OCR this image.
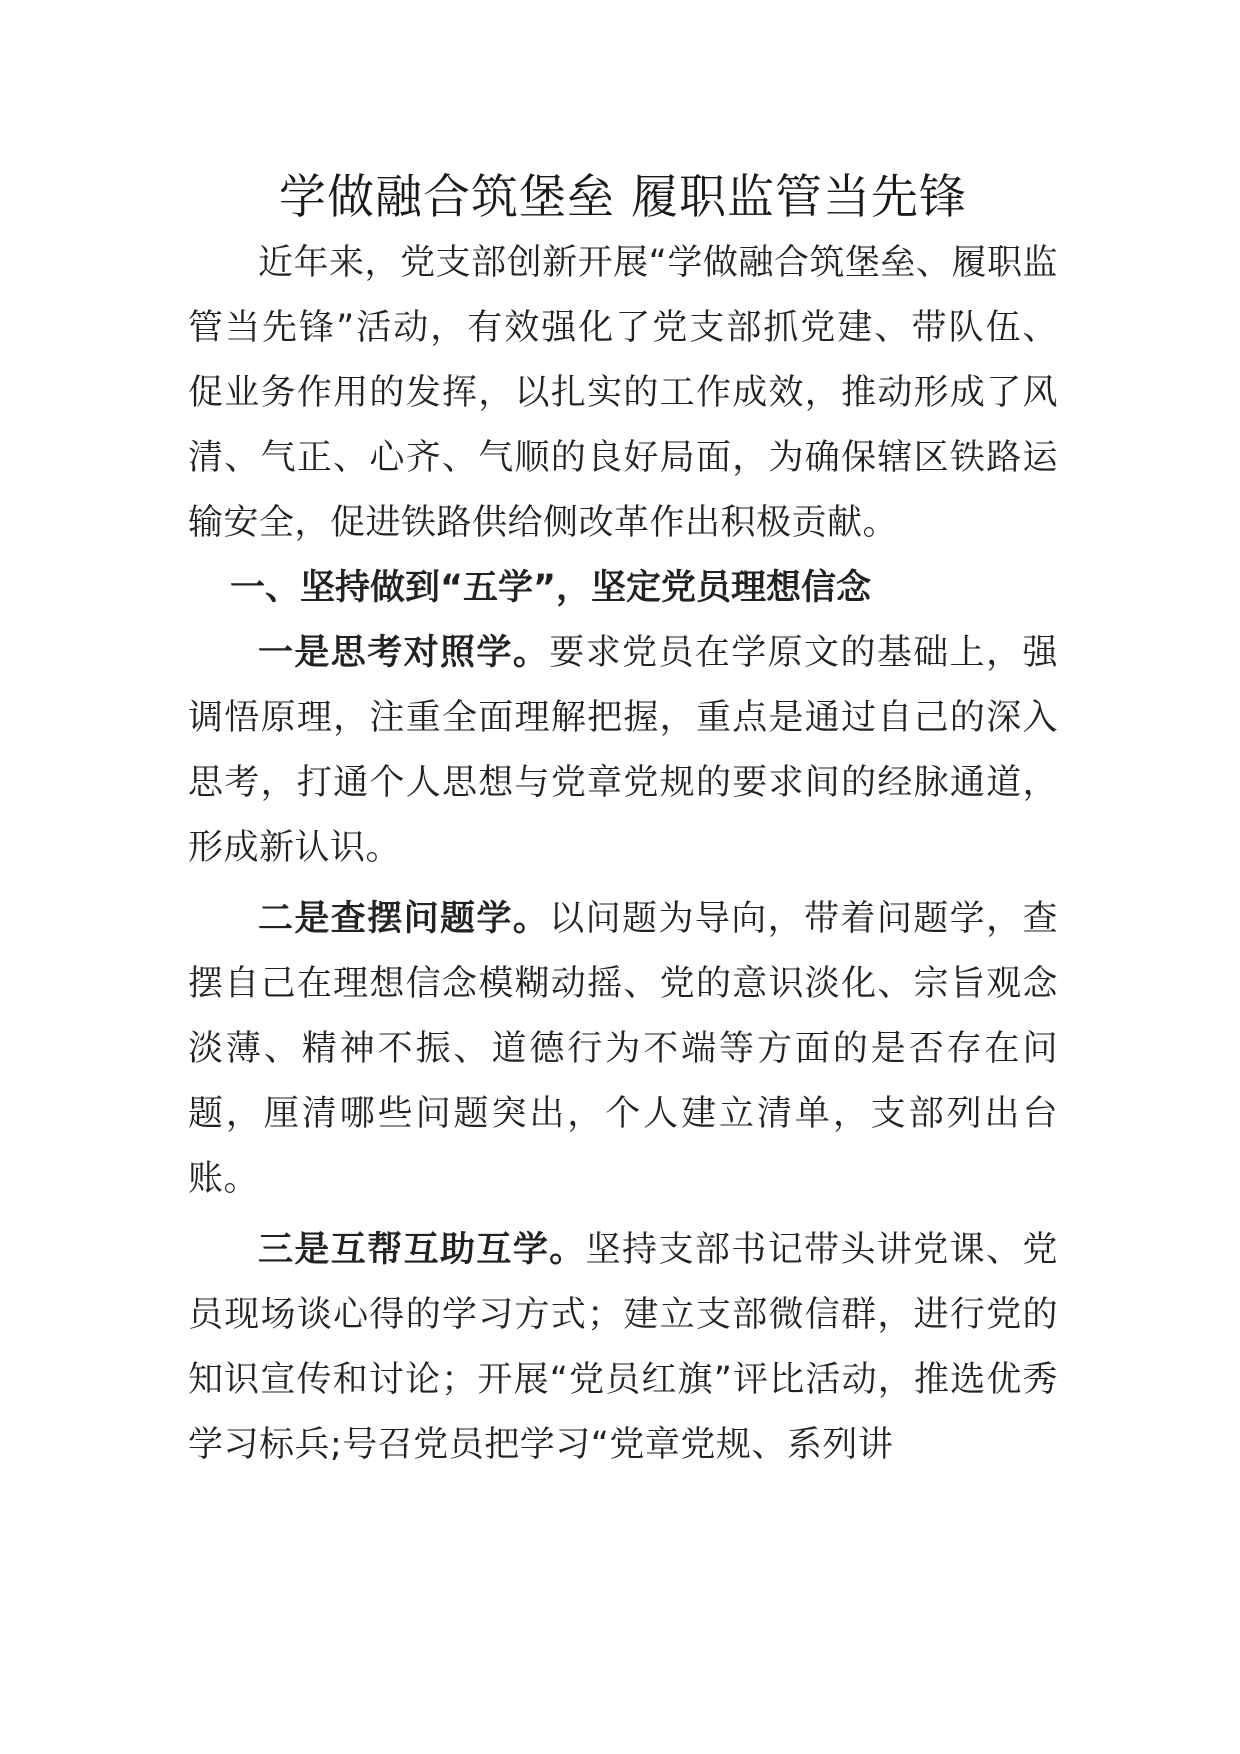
学做融合筑堡垒 履职监管当先锋

近年来，党支部创新开展“学做融合筑堡垒、履职监管当先锋”活动，有效强化了党支部抓党建、带队伍、促业务作用的发挥，以扎实的工作成效，推动形成了风清、气正、心齐、气顺的良好局面，为确保辖区铁路运输安全，促进铁路供给侧改革作出积极贡献。

一、坚持做到“五学”，坚定党员理想信念

一是思考对照学。要求党员在学原文的基础上，强调悟原理，注重全面理解把握，重点是通过自己的深入思考，打通个人思想与党章党规的要求间的经脉通道，形成新认识。

二是查摆问题学。以问题为导向，带着问题学，查摆自己在理想信念模糊动摇、党的意识淡化、宗旨观念淡薄、精神不振、道德行为不端等方面的是否存在问题，厘清哪些问题突出，个人建立清单，支部列出台账。

三是互帮互助互学。坚持支部书记带头讲党课、党员现场谈心得的学习方式；建立支部微信群，进行党的知识宣传和讨论；开展“党员红旗”评比活动，推选优秀学习标兵;号召党员把学习“党章党规、系列讲
